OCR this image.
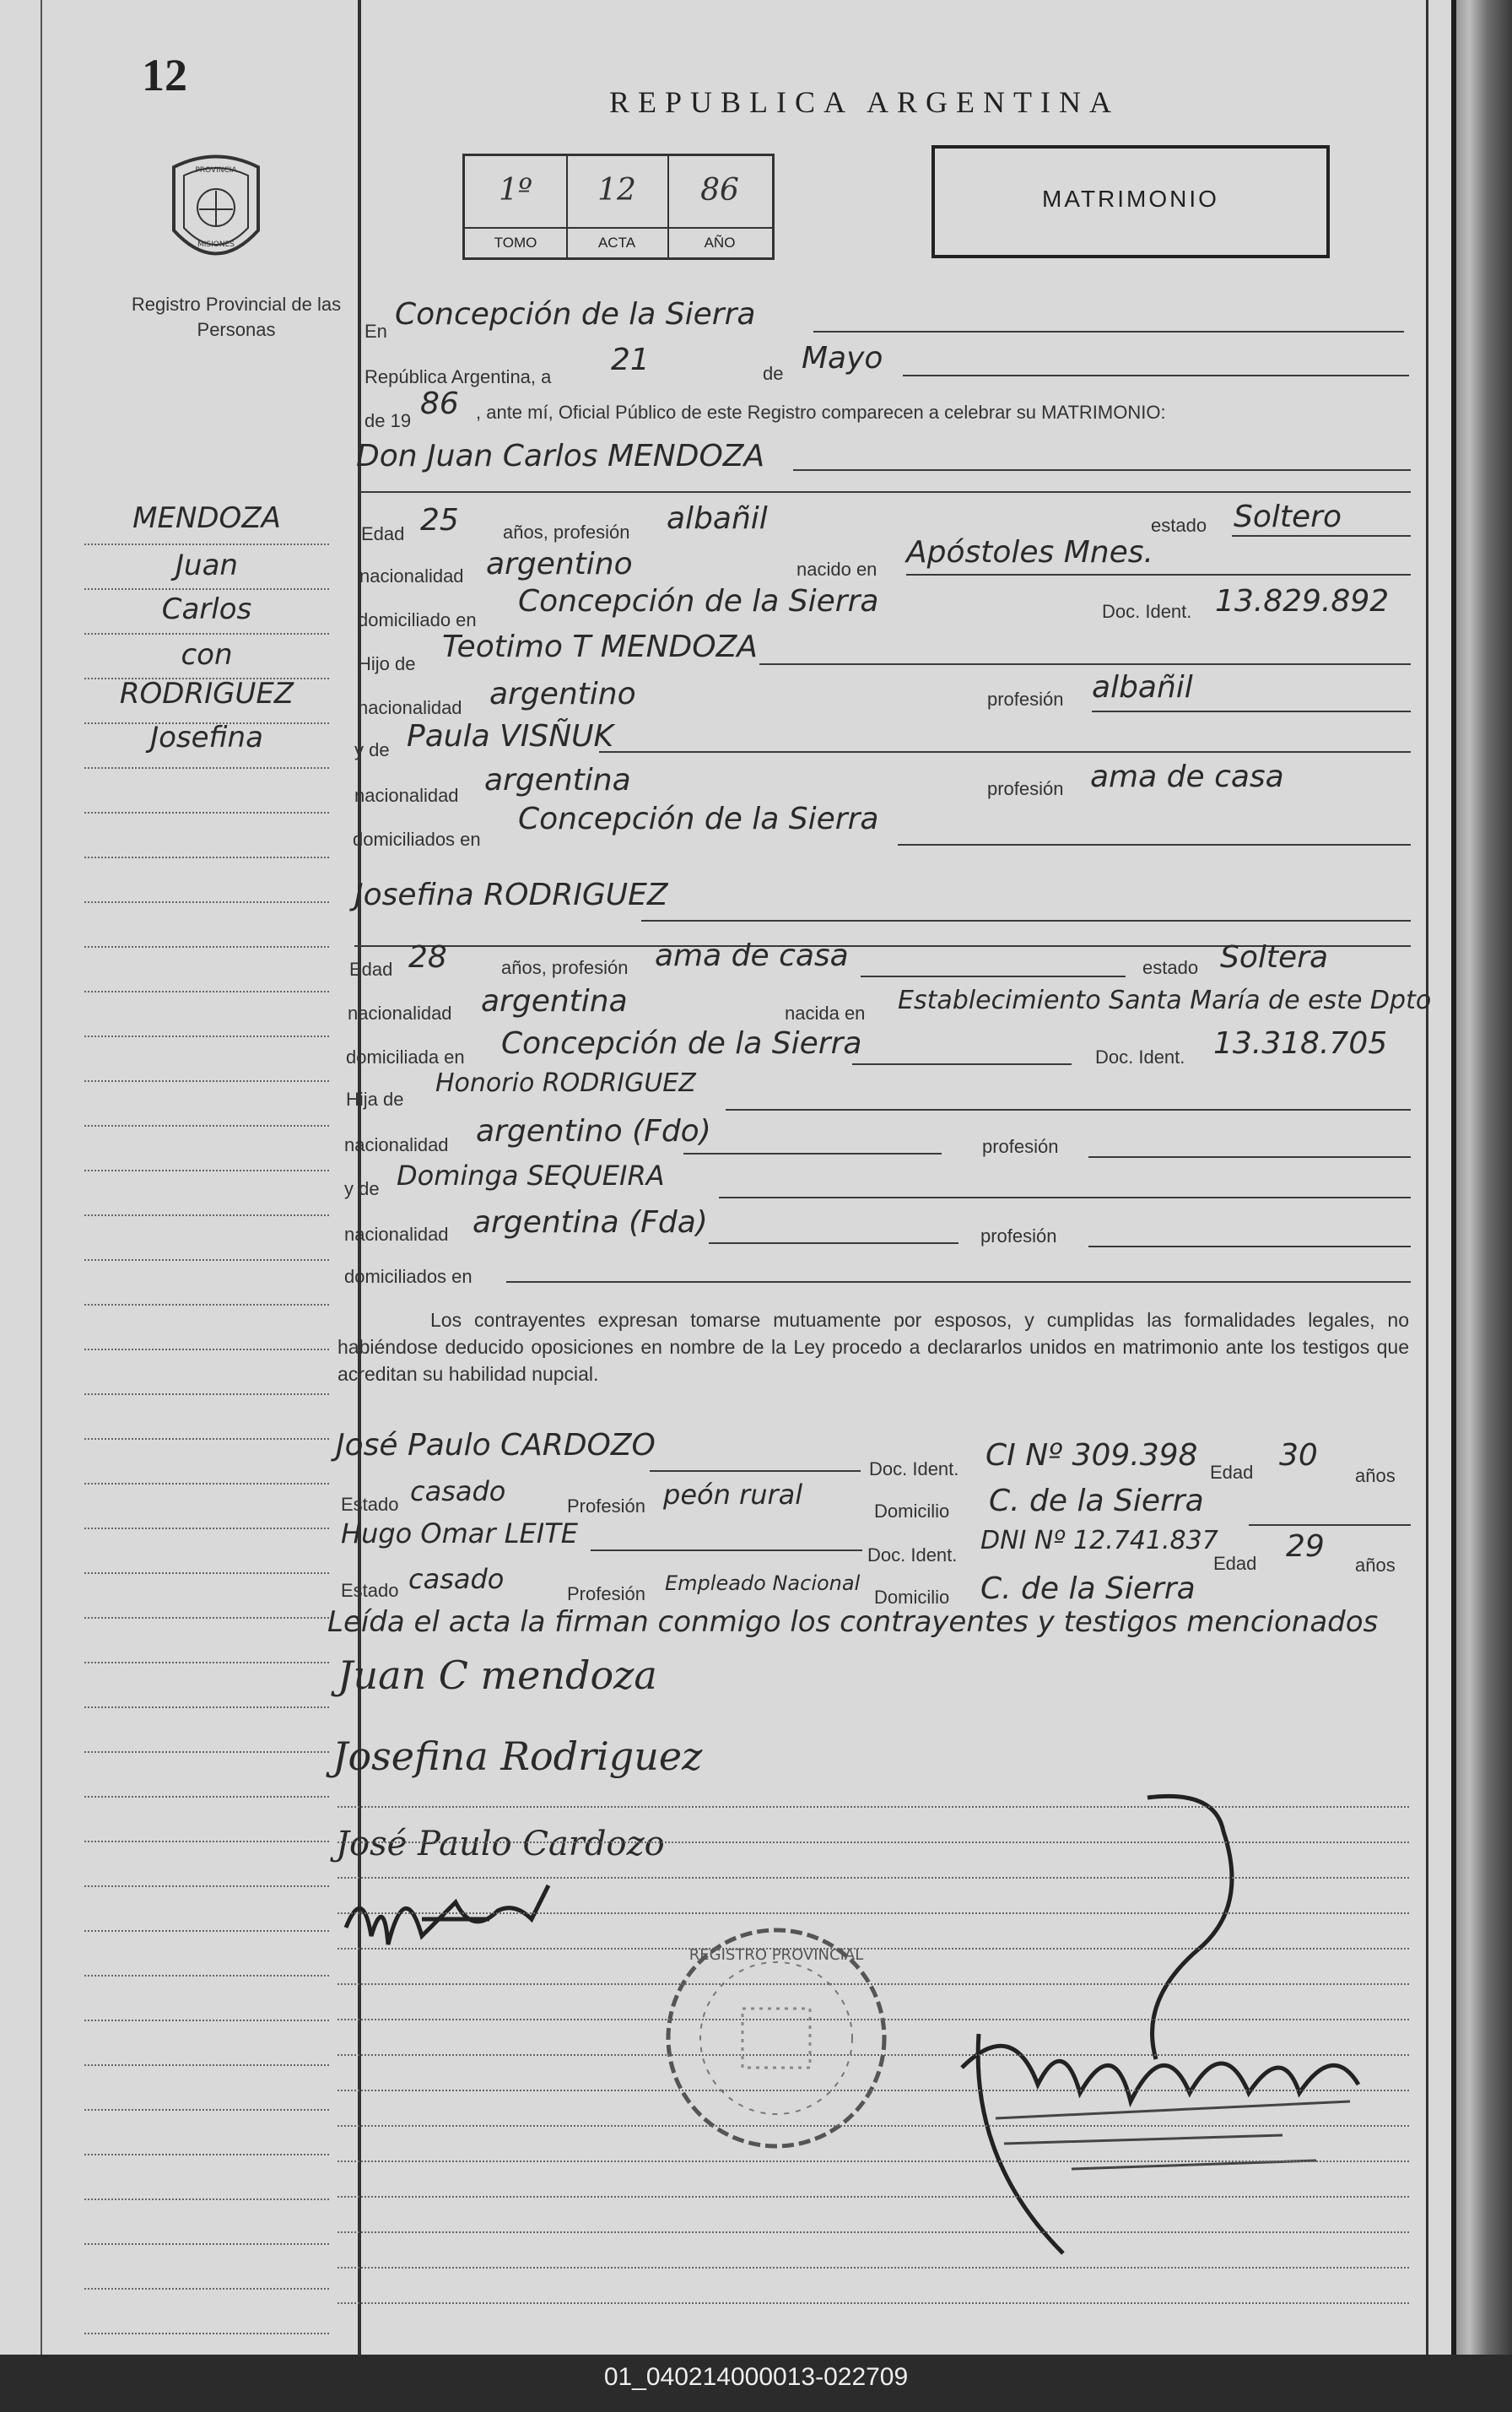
12
PROVINCIA
MISIONES
Registro Provincial de las Personas
REPUBLICA ARGENTINA
1º
TOMO
12
ACTA
86
AÑO
MATRIMONIO
MENDOZA
Juan
Carlos
con
RODRIGUEZ
Josefina
En Concepción de la Sierra
República Argentina, a 21	de Mayo
de 19 86 , ante mí, Oficial Público de este Registro comparecen a celebrar su MATRIMONIO:
Don Juan Carlos MENDOZA
Edad 25 años, profesión albañil	estado Soltero
nacionalidad argentino	nacido en Apóstoles Mnes.
domiciliado en
Concepción de la Sierra	Doc. Ident. 13.829.892
Hijo de Teotimo T MENDOZA
nacionalidad argentino	profesión albañil
y de Paula VISÑUK
nacionalidad argentina	profesión ama de casa
domiciliados en
Concepción de la Sierra
Josefina RODRIGUEZ
Edad 28	años, profesión ama de casa	estado Soltera
nacionalidad argentina	nacida en Establecimiento Santa María de este Dpto
domiciliada en Concepción de la Sierra	Doc. Ident. 13.318.705
Hija de
Honorio RODRIGUEZ
nacionalidad argentino (Fdo)	profesión
y de Dominga SEQUEIRA
nacionalidad argentina (Fda)	profesión
domiciliados en
Los contrayentes expresan tomarse mutuamente por esposos, y cumplidas las formalidades legales, no habiéndose deducido oposiciones en nombre de la Ley procedo a declararlos unidos en matrimonio ante los testigos que acreditan su habilidad nupcial.
José Paulo CARDOZO
Doc. Ident. CI Nº 309.398 Edad 30
años
Estado casado	Profesión peón rural
Domicilio C. de la Sierra
Hugo Omar LEITE
Doc. Ident. DNI Nº 12.741.837
Edad 29
años
Estado casado	Profesión Empleado Nacional
Domicilio C. de la Sierra
Leída el acta la firman conmigo los contrayentes y testigos mencionados
Juan C mendoza
Josefina Rodriguez
José Paulo Cardozo
REGISTRO PROVINCIAL
01_040214000013-022709
